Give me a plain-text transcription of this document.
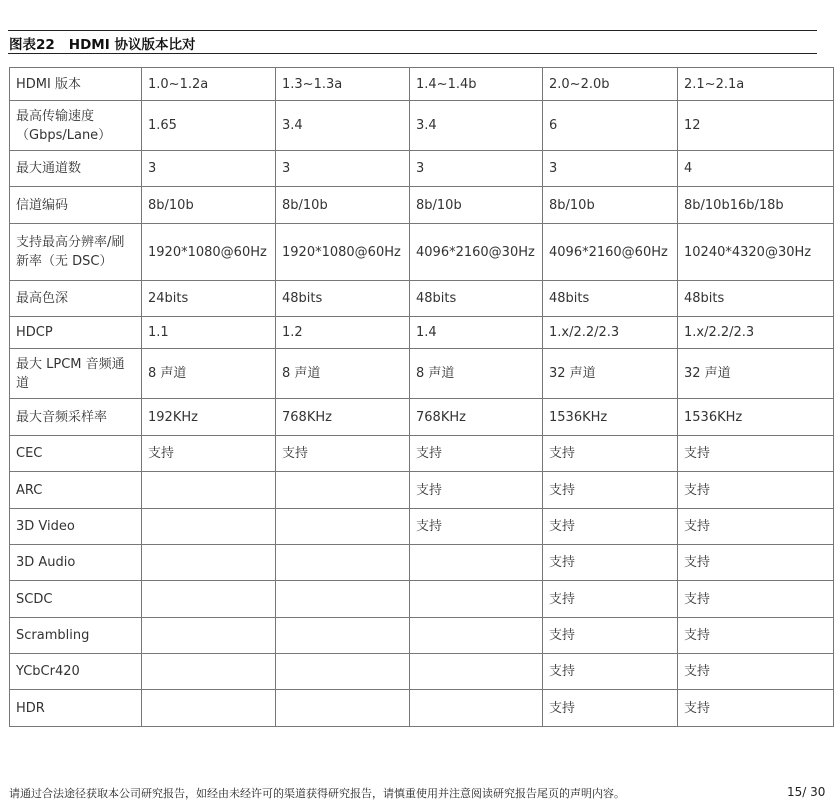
图表22 HDMI 协议版本比对
HDMI 版本	1.0~1.2a	1.3~1.3a	1.4~1.4b	2.0~2.0b	2.1~2.1a
最高传输速度（Gbps/Lane）	1.65	3.4	3.4	6	12
最大通道数	3	3	3	3	4
信道编码	8b/10b	8b/10b	8b/10b	8b/10b	8b/10b16b/18b
支持最高分辨率/刷新率（无 DSC）	1920*1080@60Hz	1920*1080@60Hz	4096*2160@30Hz	4096*2160@60Hz	10240*4320@30Hz
最高色深	24bits	48bits	48bits	48bits	48bits
HDCP	1.1	1.2	1.4	1.x/2.2/2.3	1.x/2.2/2.3
最大 LPCM 音频通道	8 声道	8 声道	8 声道	32 声道	32 声道
最大音频采样率	192KHz	768KHz	768KHz	1536KHz	1536KHz
CEC	支持	支持	支持	支持	支持
ARC			支持	支持	支持
3D Video			支持	支持	支持
3D Audio				支持	支持
SCDC				支持	支持
Scrambling				支持	支持
YCbCr420				支持	支持
HDR				支持	支持
请通过合法途径获取本公司研究报告，如经由未经许可的渠道获得研究报告，请慎重使用并注意阅读研究报告尾页的声明内容。	15/ 30
